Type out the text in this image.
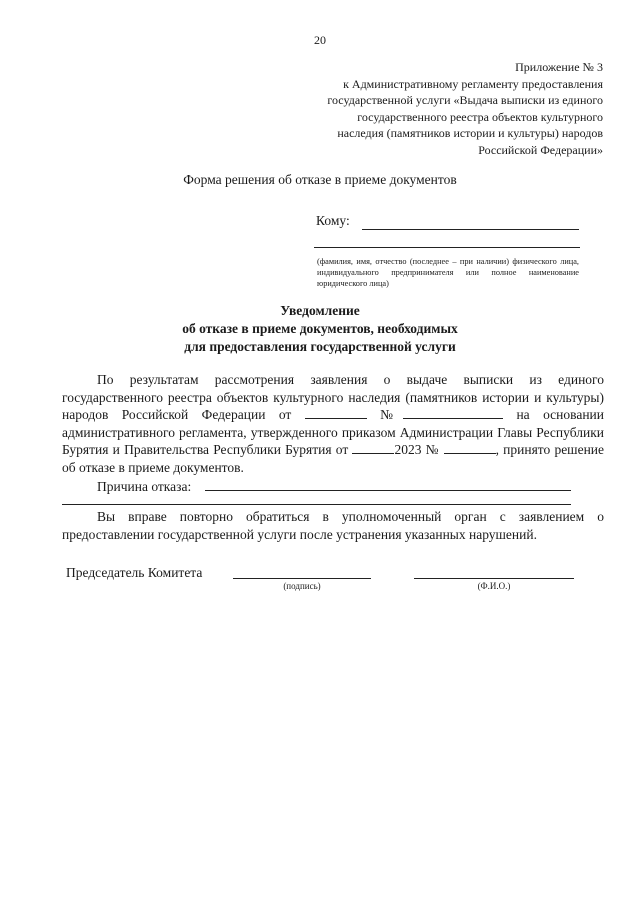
20
Приложение № 3
к Административному регламенту предоставления
государственной услуги «Выдача выписки из единого
государственного реестра объектов культурного
наследия (памятников истории и культуры) народов
Российской Федерации»
Форма решения об отказе в приеме документов
Кому:
(фамилия, имя, отчество (последнее – при наличии) физического лица, индивидуального предпринимателя или полное наименование юридического лица)
Уведомление
об отказе в приеме документов, необходимых
для предоставления государственной услуги

По результатам рассмотрения заявления о выдаче выписки из единого государственного реестра объектов культурного наследия (памятников истории и культуры) народов Российской Федерации от	№	на основании административного регламента, утвержденного приказом Администрации Главы Республики Бурятия и Правительства Республики Бурятия от	2023 №	, принято решение об отказе в приеме документов.

Причина отказа:

Вы вправе повторно обратиться в уполномоченный орган с заявлением о предоставлении государственной услуги после устранения указанных нарушений.

Председатель Комитета
(подпись)	(Ф.И.О.)
